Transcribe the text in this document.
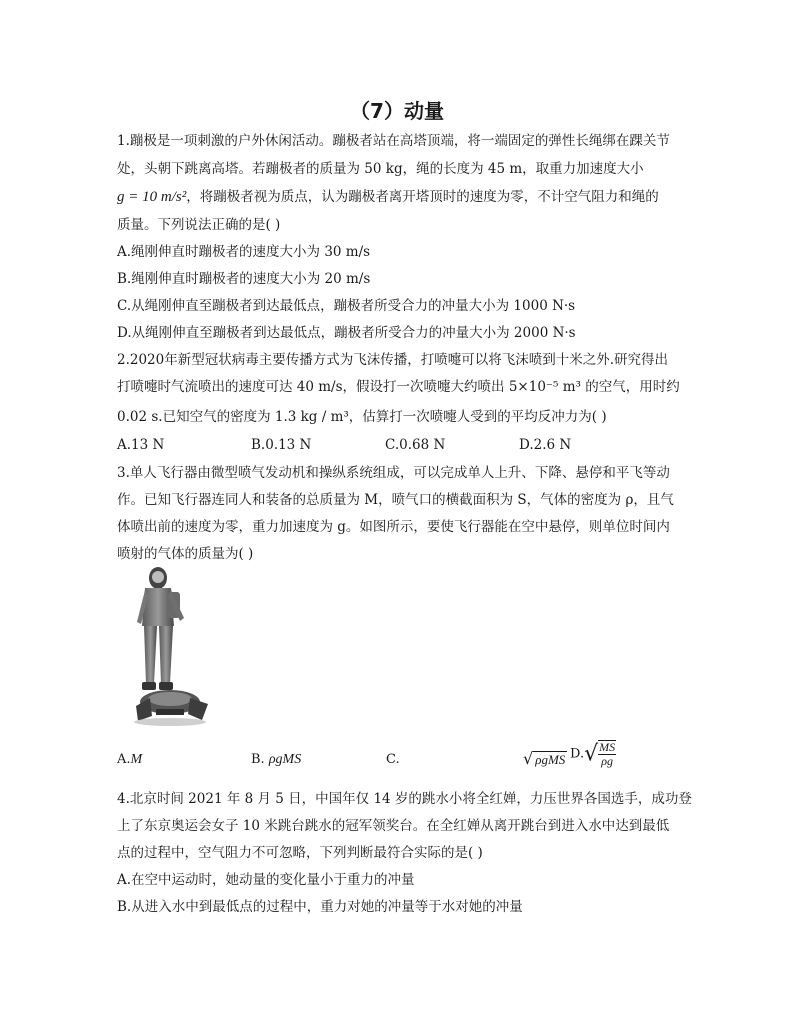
（7）动量
1.蹦极是一项刺激的户外休闲活动。蹦极者站在高塔顶端，将一端固定的弹性长绳绑在踝关节
处，头朝下跳离高塔。若蹦极者的质量为 50 kg，绳的长度为 45 m，取重力加速度大小
g = 10 m/s²，将蹦极者视为质点，认为蹦极者离开塔顶时的速度为零，不计空气阻力和绳的
质量。下列说法正确的是( )
A.绳刚伸直时蹦极者的速度大小为 30 m/s
B.绳刚伸直时蹦极者的速度大小为 20 m/s
C.从绳刚伸直至蹦极者到达最低点，蹦极者所受合力的冲量大小为 1000 N·s
D.从绳刚伸直至蹦极者到达最低点，蹦极者所受合力的冲量大小为 2000 N·s
2.2020年新型冠状病毒主要传播方式为飞沫传播，打喷嚏可以将飞沫喷到十米之外.研究得出
打喷嚏时气流喷出的速度可达 40 m/s，假设打一次喷嚏大约喷出 5×10⁻⁵ m³ 的空气，用时约
0.02 s.已知空气的密度为 1.3 kg / m³，估算打一次喷嚏人受到的平均反冲力为( )
A.13 N	B.0.13 N	C.0.68 N	D.2.6 N
3.单人飞行器由微型喷气发动机和操纵系统组成，可以完成单人上升、下降、悬停和平飞等动
作。已知飞行器连同人和装备的总质量为 M，喷气口的横截面积为 S，气体的密度为 ρ，且气
体喷出前的速度为零，重力加速度为 g。如图所示，要使飞行器能在空中悬停，则单位时间内
喷射的气体的质量为( )
A.M	B. ρgMS	C.	√ ρgMS $D.√ \frac{MS}{\rho g}$
4.北京时间 2021 年 8 月 5 日，中国年仅 14 岁的跳水小将全红婵，力压世界各国选手，成功登
上了东京奥运会女子 10 米跳台跳水的冠军领奖台。在全红婵从离开跳台到进入水中达到最低
点的过程中，空气阻力不可忽略，下列判断最符合实际的是( )
A.在空中运动时，她动量的变化量小于重力的冲量
B.从进入水中到最低点的过程中，重力对她的冲量等于水对她的冲量
